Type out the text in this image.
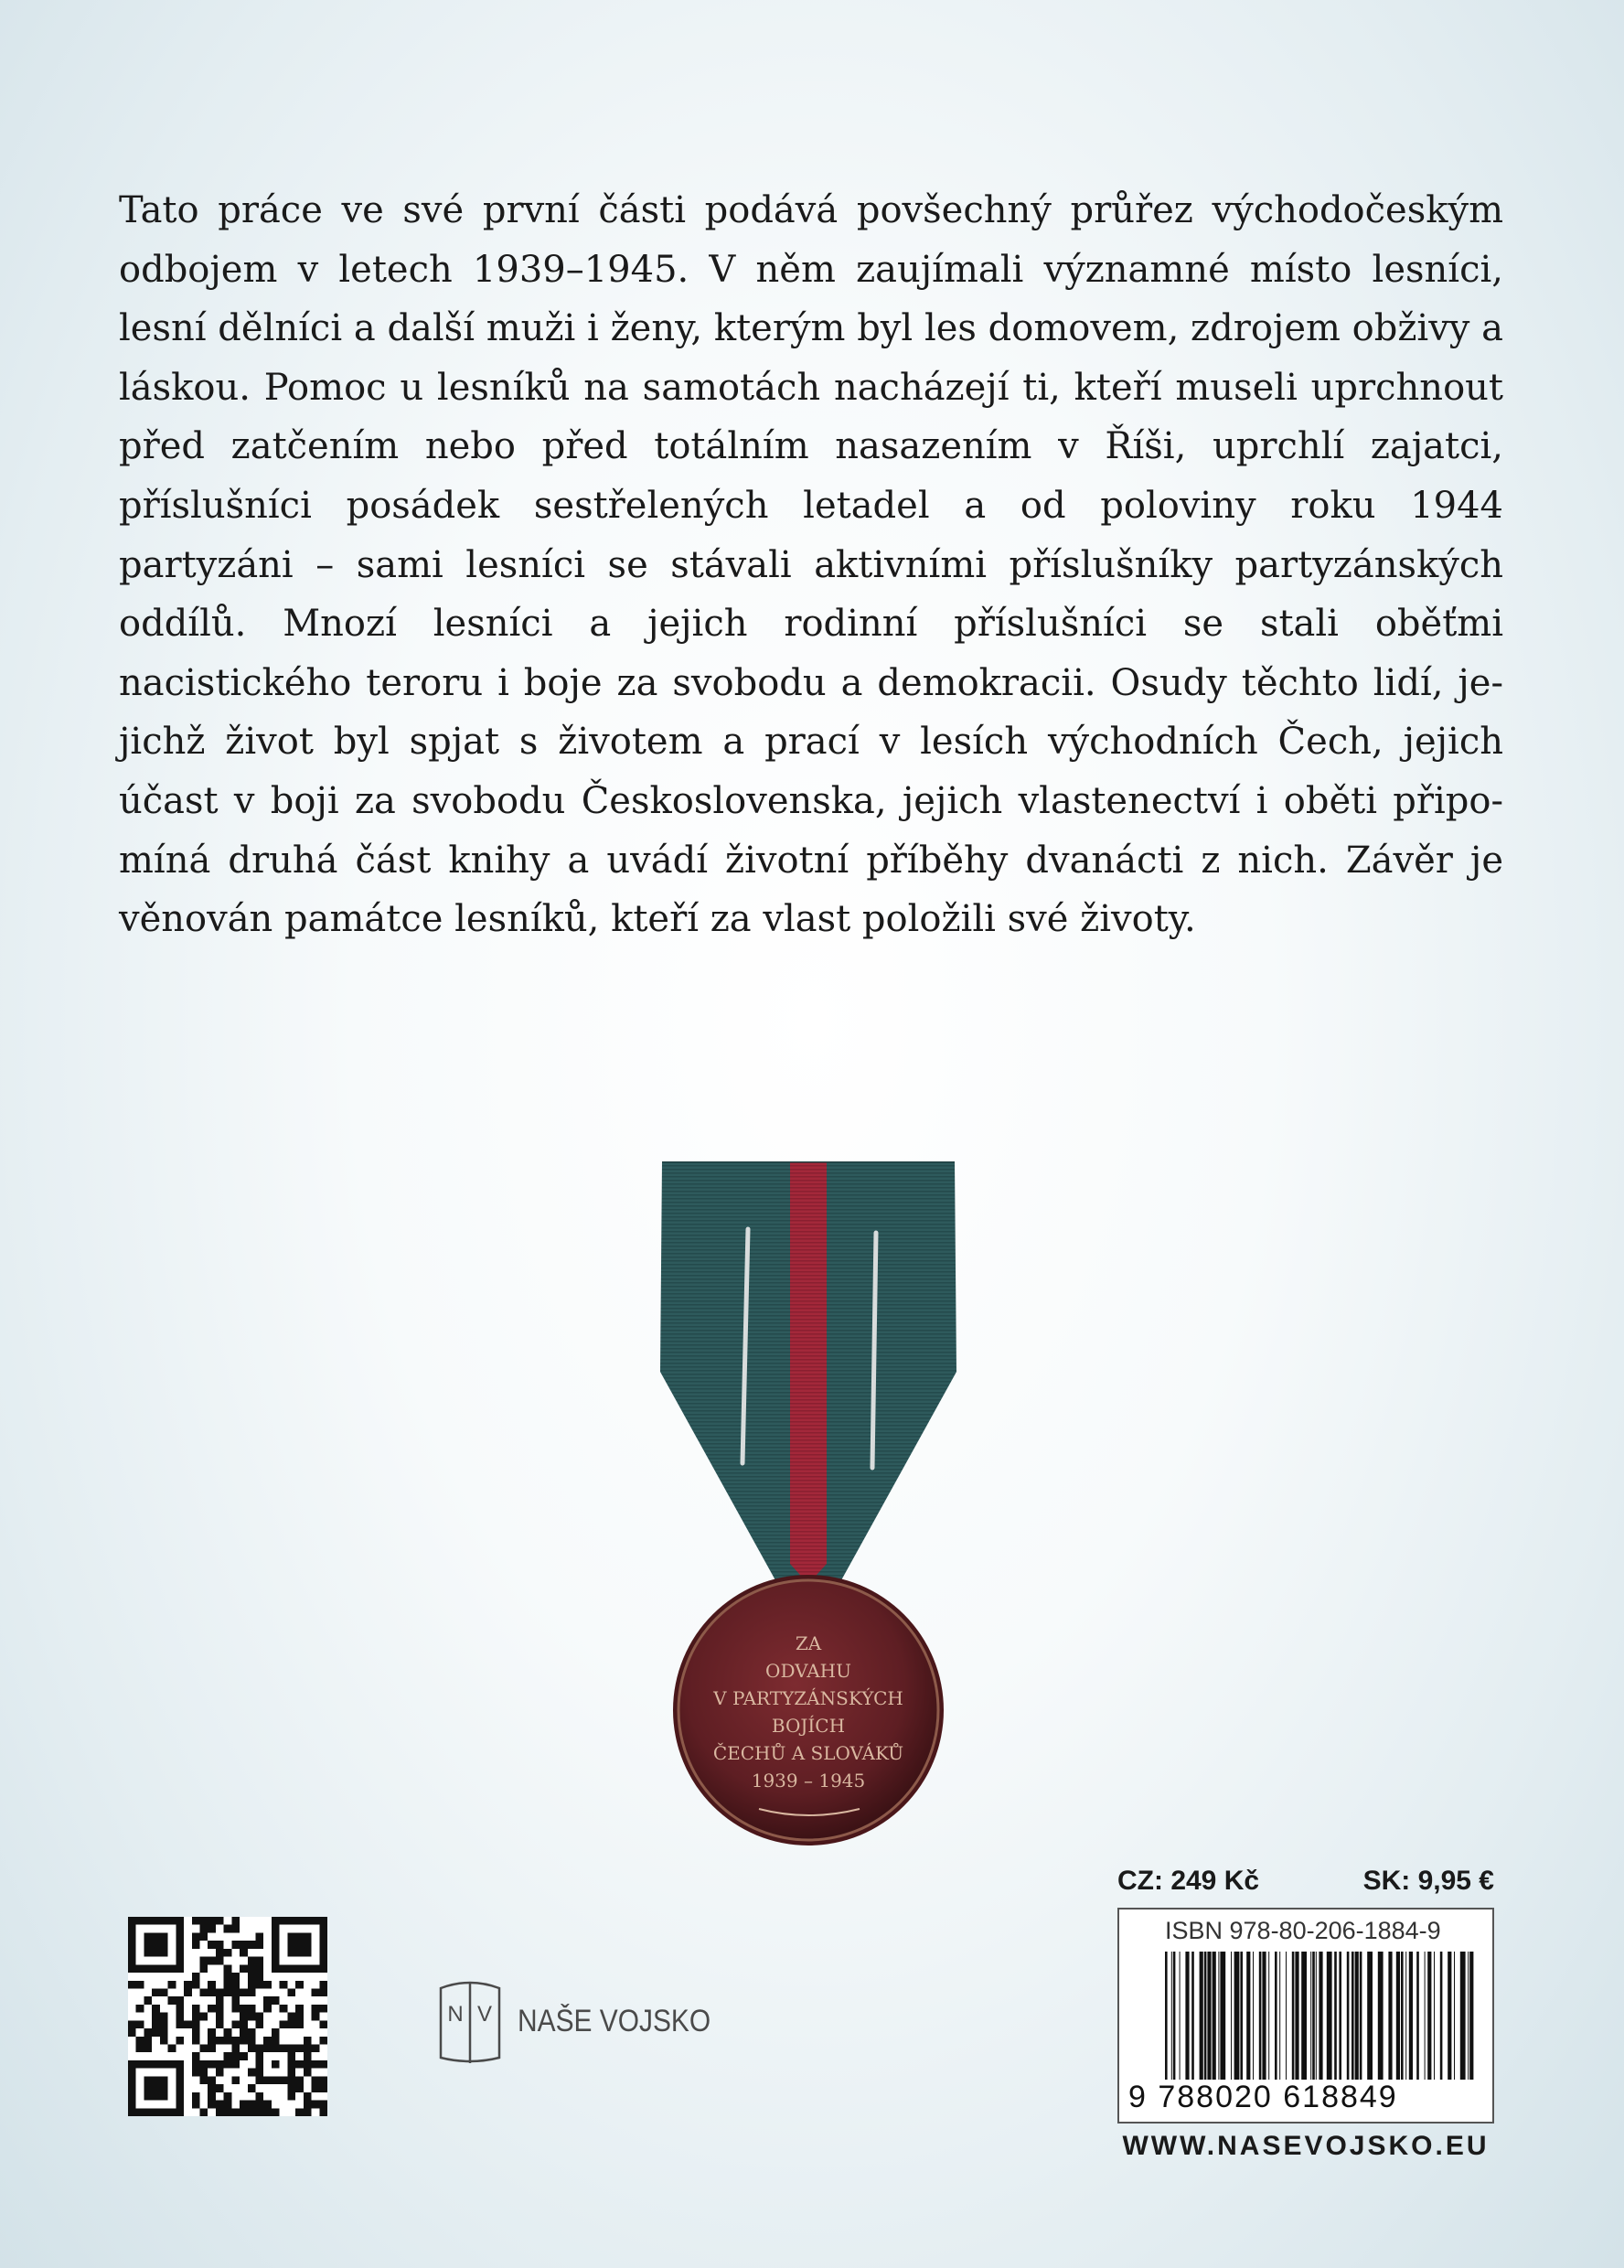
Tato práce ve své první části podává povšechný průřez východočeským odbojem v letech 1939–1945. V něm zaujímali významné místo lesníci, lesní dělníci a další muži i ženy, kterým byl les domovem, zdrojem obživy a láskou. Pomoc u lesníků na samotách nacházejí ti, kteří museli uprchnout před zatčením nebo před totálním nasazením v Říši, uprchlí zajatci, příslušníci posádek sestřelených letadel a od poloviny roku 1944 partyzáni – sami lesníci se stávali aktivními příslušníky partyzánských oddílů. Mnozí lesníci a jejich rodinní příslušníci se stali oběťmi nacistického teroru i boje za svobodu a demokracii. Osudy těchto lidí, jejichž život byl spjat s životem a prací v lesích východních Čech, jejich účast v boji za svobodu Československa, jejich vlastenectví i oběti připomíná druhá část knihy a uvádí životní příběhy dvanácti z nich. Závěr je věnován památce lesníků, kteří za vlast položili své životy.

ZA
ODVAHU
V PARTYZÁNSKÝCH
BOJÍCH
ČECHŮ A SLOVÁKŮ
1939 – 1945
CZ: 249 Kč	SK: 9,95 €
ISBN 978-80-206-1884-9
9 788020 618849
WWW.NASEVOJSKO.EU
N V NAŠE VOJSKO
